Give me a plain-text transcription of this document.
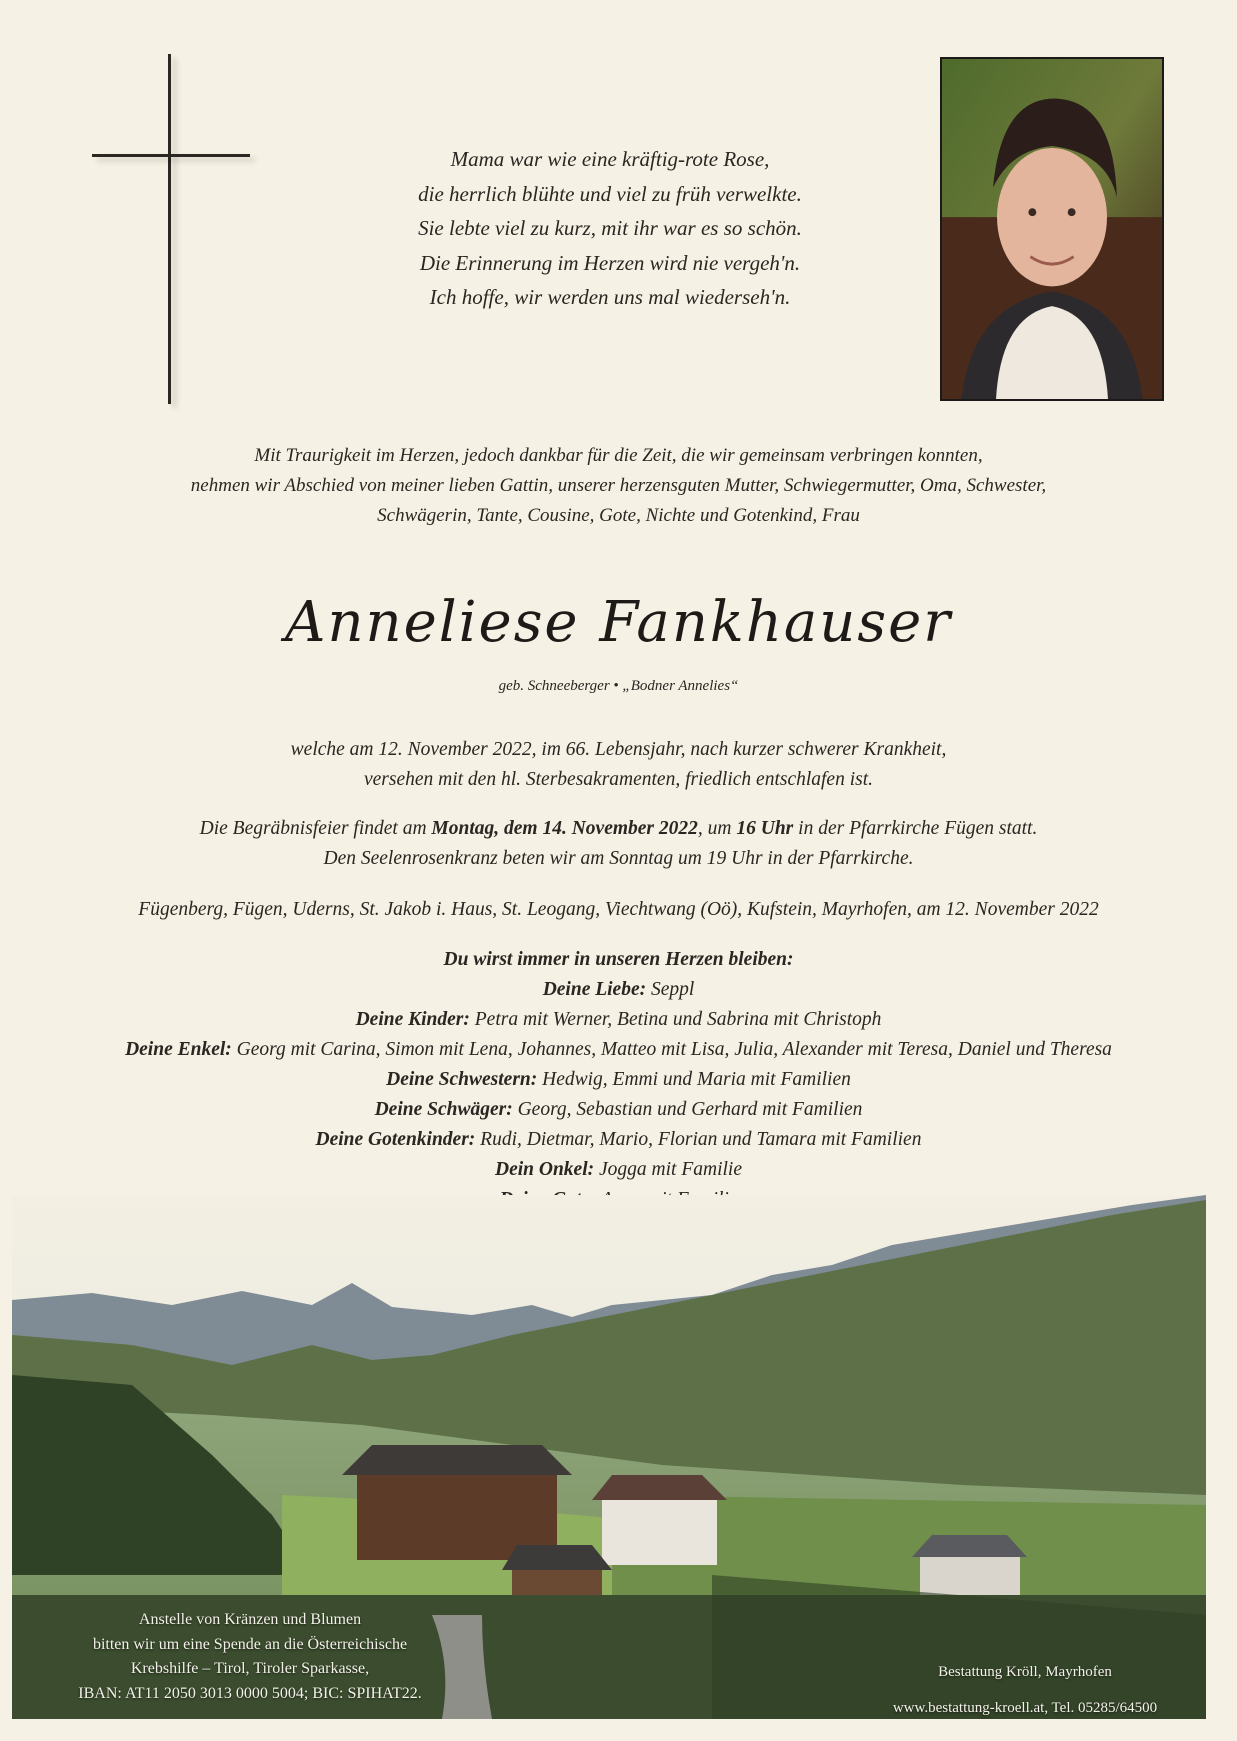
Mama war wie eine kräftig-rote Rose,
die herrlich blühte und viel zu früh verwelkte.
Sie lebte viel zu kurz, mit ihr war es so schön.
Die Erinnerung im Herzen wird nie vergeh'n.
Ich hoffe, wir werden uns mal wiederseh'n.
Mit Traurigkeit im Herzen, jedoch dankbar für die Zeit, die wir gemeinsam verbringen konnten,
nehmen wir Abschied von meiner lieben Gattin, unserer herzensguten Mutter, Schwiegermutter, Oma, Schwester,
Schwägerin, Tante, Cousine, Gote, Nichte und Gotenkind, Frau
Anneliese Fankhauser
geb. Schneeberger • „Bodner Annelies“
welche am 12. November 2022, im 66. Lebensjahr, nach kurzer schwerer Krankheit,
versehen mit den hl. Sterbesakramenten, friedlich entschlafen ist.
Die Begräbnisfeier findet am Montag, dem 14. November 2022, um 16 Uhr in der Pfarrkirche Fügen statt.
Den Seelenrosenkranz beten wir am Sonntag um 19 Uhr in der Pfarrkirche.
Fügenberg, Fügen, Uderns, St. Jakob i. Haus, St. Leogang, Viechtwang (Oö), Kufstein, Mayrhofen, am 12. November 2022
Du wirst immer in unseren Herzen bleiben:
Deine Liebe: Seppl
Deine Kinder: Petra mit Werner, Betina und Sabrina mit Christoph
Deine Enkel: Georg mit Carina, Simon mit Lena, Johannes, Matteo mit Lisa, Julia, Alexander mit Teresa, Daniel und Theresa
Deine Schwestern: Hedwig, Emmi und Maria mit Familien
Deine Schwäger: Georg, Sebastian und Gerhard mit Familien
Deine Gotenkinder: Rudi, Dietmar, Mario, Florian und Tamara mit Familien
Dein Onkel: Jogga mit Familie
Anstelle von Kränzen und Blumen
bitten wir um eine Spende an die Österreichische
Krebshilfe – Tirol, Tiroler Sparkasse,
IBAN: AT11 2050 3013 0000 5004; BIC: SPIHAT22.
Bestattung Kröll, Mayrhofen
www.bestattung-kroell.at, Tel. 05285/64500
